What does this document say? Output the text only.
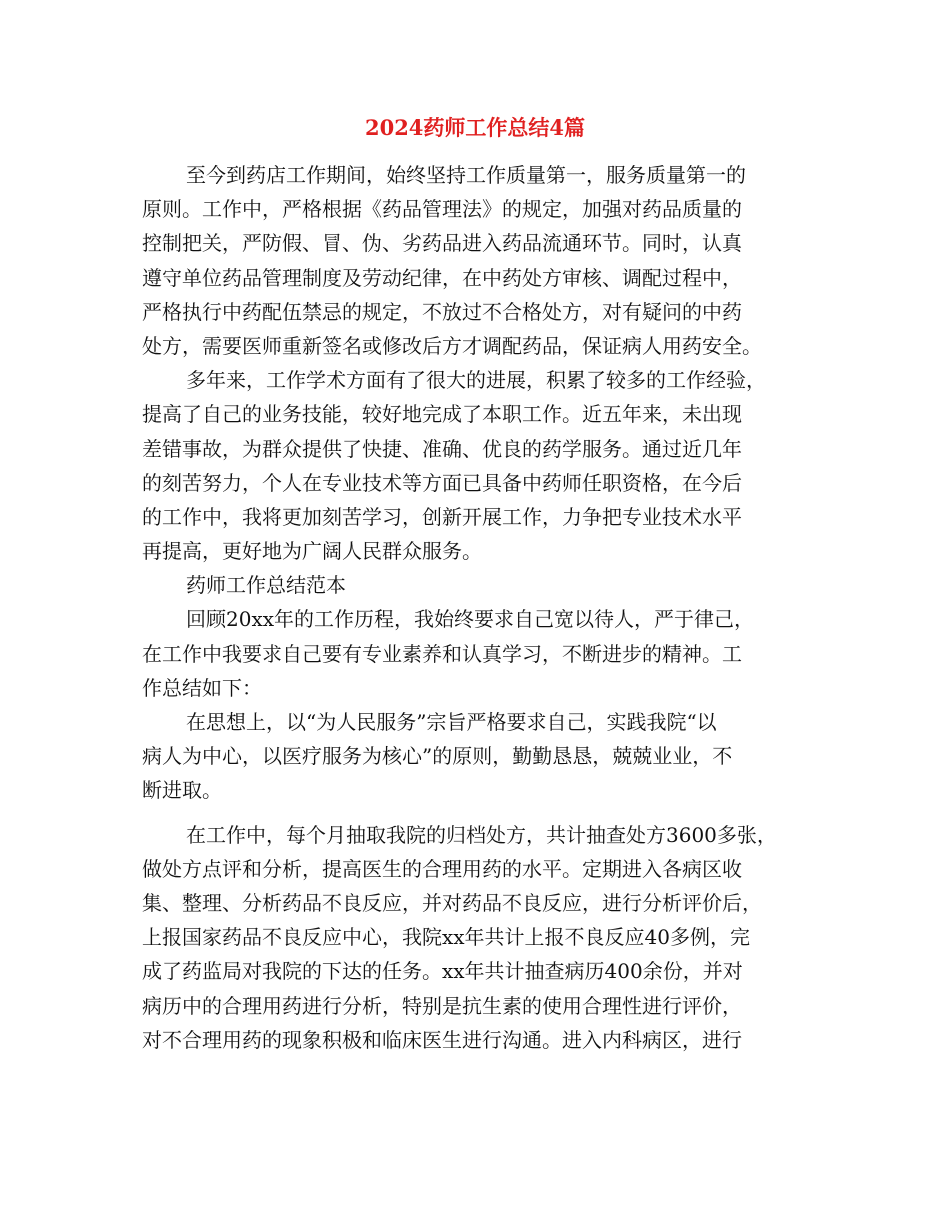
2024药师工作总结4篇
至今到药店工作期间，始终坚持工作质量第一，服务质量第一的
原则。工作中，严格根据《药品管理法》的规定，加强对药品质量的
控制把关，严防假、冒、伪、劣药品进入药品流通环节。同时，认真
遵守单位药品管理制度及劳动纪律，在中药处方审核、调配过程中，
严格执行中药配伍禁忌的规定，不放过不合格处方，对有疑问的中药
处方，需要医师重新签名或修改后方才调配药品，保证病人用药安全。
多年来，工作学术方面有了很大的进展，积累了较多的工作经验，
提高了自己的业务技能，较好地完成了本职工作。近五年来，未出现
差错事故，为群众提供了快捷、准确、优良的药学服务。通过近几年
的刻苦努力，个人在专业技术等方面已具备中药师任职资格，在今后
的工作中，我将更加刻苦学习，创新开展工作，力争把专业技术水平
再提高，更好地为广阔人民群众服务。
药师工作总结范本
回顾20xx年的工作历程，我始终要求自己宽以待人，严于律己，
在工作中我要求自己要有专业素养和认真学习，不断进步的精神。工
作总结如下：
在思想上，以“为人民服务”宗旨严格要求自己，实践我院“以
病人为中心，以医疗服务为核心”的原则，勤勤恳恳，兢兢业业，不
断进取。
在工作中，每个月抽取我院的归档处方，共计抽查处方3600多张，
做处方点评和分析，提高医生的合理用药的水平。定期进入各病区收
集、整理、分析药品不良反应，并对药品不良反应，进行分析评价后，
上报国家药品不良反应中心，我院xx年共计上报不良反应40多例，完
成了药监局对我院的下达的任务。xx年共计抽查病历400余份，并对
病历中的合理用药进行分析，特别是抗生素的使用合理性进行评价，
对不合理用药的现象积极和临床医生进行沟通。进入内科病区，进行
